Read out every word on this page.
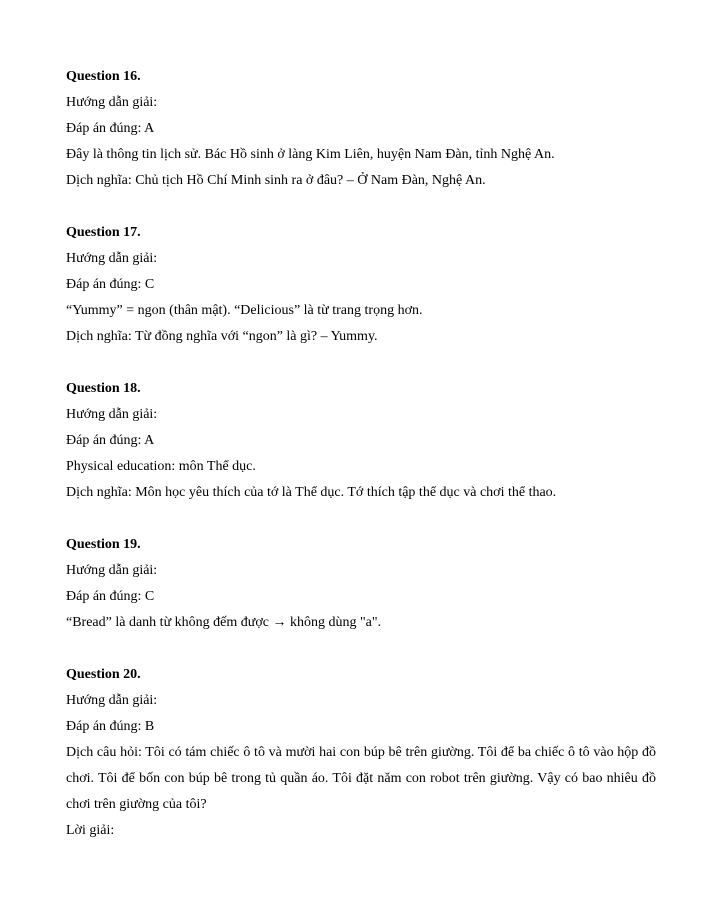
Question 16.
Hướng dẫn giải:
Đáp án đúng: A
Đây là thông tin lịch sử. Bác Hồ sinh ở làng Kim Liên, huyện Nam Đàn, tỉnh Nghệ An.
Dịch nghĩa: Chủ tịch Hồ Chí Minh sinh ra ở đâu? – Ở Nam Đàn, Nghệ An.
Question 17.
Hướng dẫn giải:
Đáp án đúng: C
“Yummy” = ngon (thân mật). “Delicious” là từ trang trọng hơn.
Dịch nghĩa: Từ đồng nghĩa với “ngon” là gì? – Yummy.
Question 18.
Hướng dẫn giải:
Đáp án đúng: A
Physical education: môn Thể dục.
Dịch nghĩa: Môn học yêu thích của tớ là Thể dục. Tớ thích tập thể dục và chơi thể thao.
Question 19.
Hướng dẫn giải:
Đáp án đúng: C
“Bread” là danh từ không đếm được → không dùng "a".
Question 20.
Hướng dẫn giải:
Đáp án đúng: B
Dịch câu hỏi: Tôi có tám chiếc ô tô và mười hai con búp bê trên giường. Tôi để ba chiếc ô tô vào hộp đồ chơi. Tôi để bốn con búp bê trong tủ quần áo. Tôi đặt năm con robot trên giường. Vậy có bao nhiêu đồ chơi trên giường của tôi?
Lời giải:
